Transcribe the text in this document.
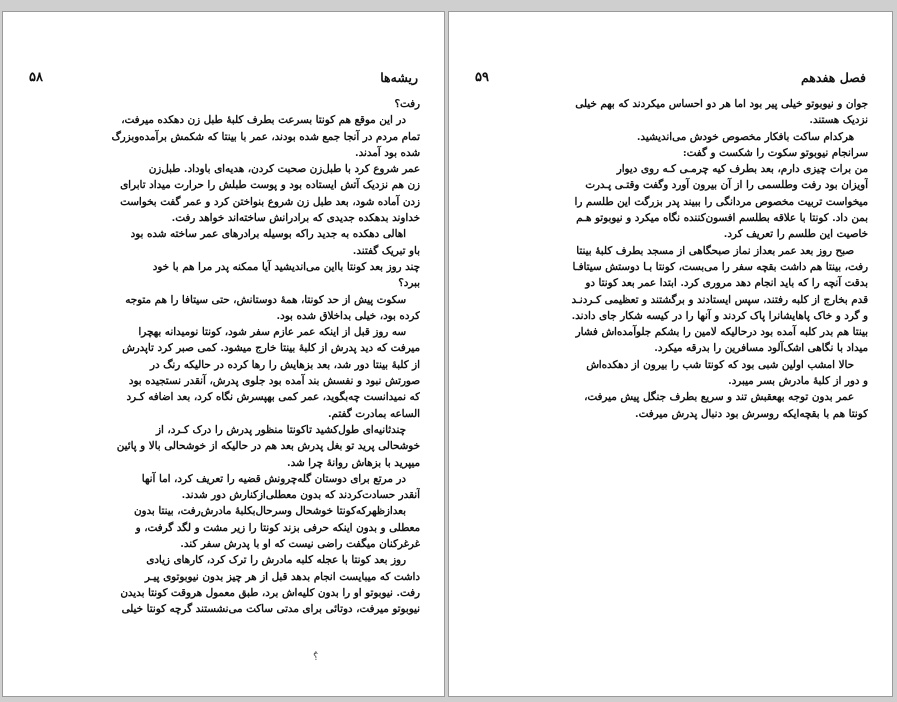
ریشه‌ها
۵۸
رفت؟
در این موقع هم کونتا بسرعت بطرف کلبهٔ طبل زن دهکده میرفت،
تمام مردم در آنجا جمع شده بودند، عمر با بینتا که شکمش برآمده‌وبزرگ
شده بود آمدند.
عمر شروع کرد با طبل‌زن صحبت کردن، هدیه‌ای باوداد. طبل‌زن
زن هم نزدیک آتش ایستاده بود و پوست طبلش را حرارت میداد تابرای
زدن آماده شود، بعد طبل زن شروع بنواختن کرد و عمر گفت بخواست
خداوند بدهکده جدیدی که برادرانش ساخته‌اند خواهد رفت.
اهالی دهکده به جدید راکه بوسیله برادرهای عمر ساخته شده بود
باو تبریک گفتند.
چند روز بعد کونتا بااین می‌اندیشید آیا ممکنه پدر مرا هم با خود
ببرد؟
سکوت پیش از حد کونتا، همهٔ دوستانش، حتی سیتافا را هم متوجه
کرده بود، خیلی بداخلاق شده بود.
سه روز قبل از اینکه عمر عازم سفر شود، کونتا نومیدانه بهچرا
میرفت که دید پدرش از کلبهٔ بینتا خارج میشود. کمی صبر کرد تاپدرش
از کلبهٔ بینتا دور شد، بعد بزهایش را رها کرده در حالیکه رنگ در
صورتش نبود و نفسش بند آمده بود جلوی پدرش، آنقدر نستجیده بود
که نمیدانست چه‌بگوید، عمر کمی بهپسرش نگاه کرد، بعد اضافه کـرد
الساعه بمادرت گفتم.
چندثانیه‌ای طول‌کشید تا‌کونتا منظور پدرش را درک کـرد، از
خوشحالی پرید تو بغل پدرش بعد هم در حالیکه از خوشحالی بالا و پائین
میپرید با بزهاش روانهٔ چرا شد.
در مرتع برای دوستان گله‌چرونش قضیه را تعریف کرد، اما آنها
آنقدر حسادت‌کردند که بدون معطلی‌ازکنارش دور شدند.
بعدازظهر‌که‌کونتا خوشحال وسرحال‌بکلبهٔ مادرش‌رفت، بینتا بدون
معطلی و بدون اینکه حرفی بزند کونتا را زیر مشت و لگد گرفت، و
غرغرکنان میگفت راضی نیست که او با پدرش سفر کند.
روز بعد کونتا با عجله کلبه مادرش را ترک کرد، کارهای زیادی
داشت که میبایست انجام بدهد قبل از هر چیز بدون نیوبوتوی پیـر
رفت. نیوبوتو او را بدون کلیه‌اش برد، طبق معمول هروقت کونتا بدیدن
نیوبوتو میرفت، دوتائی برای مدتی ساکت می‌نشستند گرچه کونتا خیلی
؟ٌ
فصل هفدهم
۵۹
جوان و نیوبوتو خیلی پیر بود اما هر دو احساس میکردند که بهم خیلی
نزدیک هستند.
هرکدام ساکت بافکار مخصوص خودش می‌اندیشید.
سرانجام نیوبوتو سکوت را شکست و گفت:
من برات چیزی دارم، بعد بطرف کیه چرمـی کـه روی دیوار
آویزان بود رفت وطلسمی را از آن بیرون آورد وگفت وقتـی پـدرت
میخواست تربیت مخصوص مردانگی را ببیند پدر بزرگت این طلسم را
بمن داد. کونتا با علاقه بطلسم افسون‌کننده نگاه میکرد و نیوبوتو هـم
خاصیت این طلسم را تعریف کرد.
صبح روز بعد عمر بعداز نماز صبحگاهی از مسجد بطرف کلبهٔ بینتا
رفت، بینتا هم داشت بقچه سفر را می‌بست، کونتا بـا دوستش سیتافـا
بدقت آنچه را که باید انجام دهد مروری کرد. ابتدا عمر بعد کونتا دو
قدم بخارج از کلبه رفتند، سپس ایستادند و برگشتند و تعظیمی کـردنـد
و گرد و خاک پاهایشانرا پاک کردند و آنها را در کیسه شکار جای دادند.
بینتا هم بدر کلبه آمده بود درحالیکه لامین را بشکم جلوآمده‌اش فشار
میداد با نگاهی اشک‌آلود مسافرین را بدرقه میکرد.
حالا امشب اولین شبی بود که کونتا شب را بیرون از دهکده‌اش
و دور از کلبهٔ مادرش بسر میبرد.
عمر بدون توجه بهعقبش تند و سریع بطرف جنگل پیش میرفت،
کونتا هم با بقچه‌ایکه روسرش بود دنبال پدرش میرفت.
